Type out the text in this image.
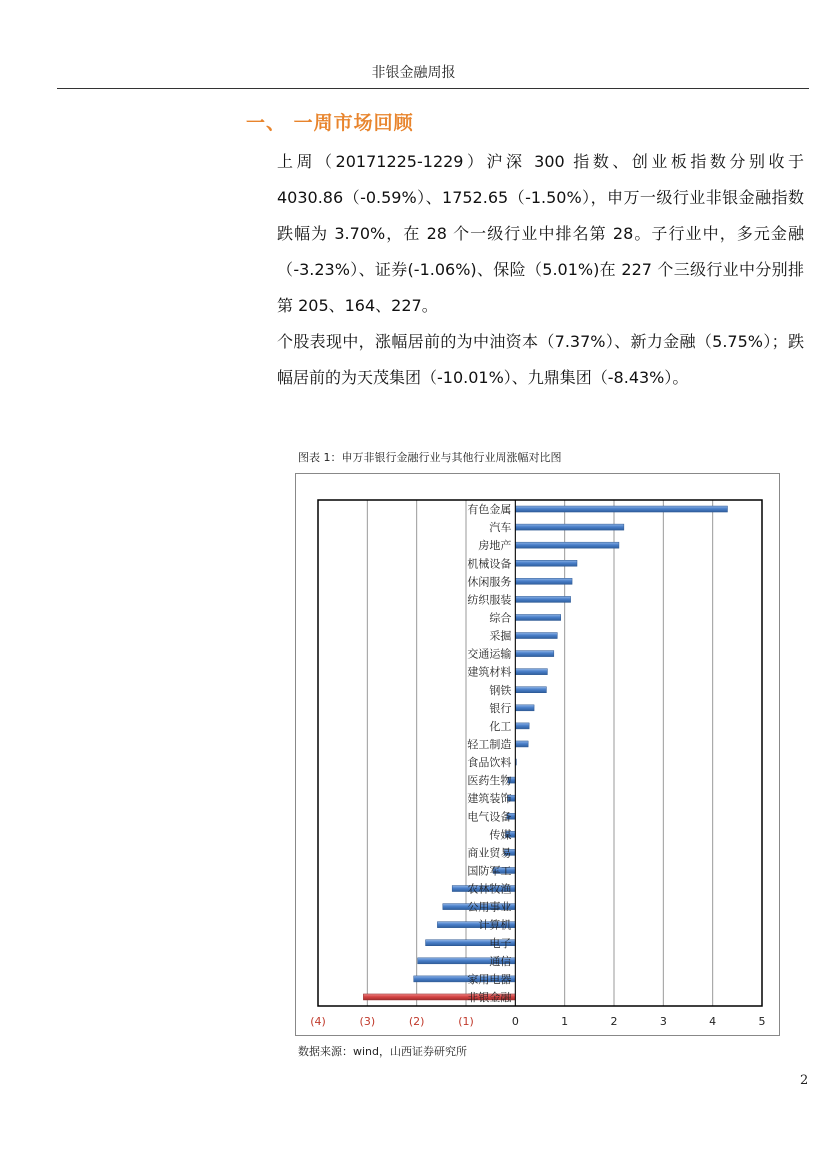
非银金融周报
一、 一周市场回顾
上周（20171225-1229）沪深 300 指数、创业板指数分别收于 4030.86（-0.59%）、1752.65（-1.50%），申万一级行业非银金融指数跌幅为 3.70%，在 28 个一级行业中排名第 28。子行业中，多元金融（-3.23%）、证券(-1.06%)、保险（5.01%)在 227 个三级行业中分别排第 205、164、227。
个股表现中，涨幅居前的为中油资本（7.37%）、新力金融（5.75%）；跌幅居前的为天茂集团（-10.01%）、九鼎集团（-8.43%）。
图表 1：申万非银行金融行业与其他行业周涨幅对比图
有色金属
汽车
房地产
机械设备
休闲服务
纺织服装
综合
采掘
交通运输
建筑材料
钢铁
银行
化工
轻工制造
食品饮料
医药生物
建筑装饰
电气设备
传媒
商业贸易
国防军工
农林牧渔
公用事业
计算机
电子
通信
家用电器
非银金融
(4)	(3)	(2)	(1)	0	1	2	3	4	5
数据来源：wind，山西证券研究所
2
